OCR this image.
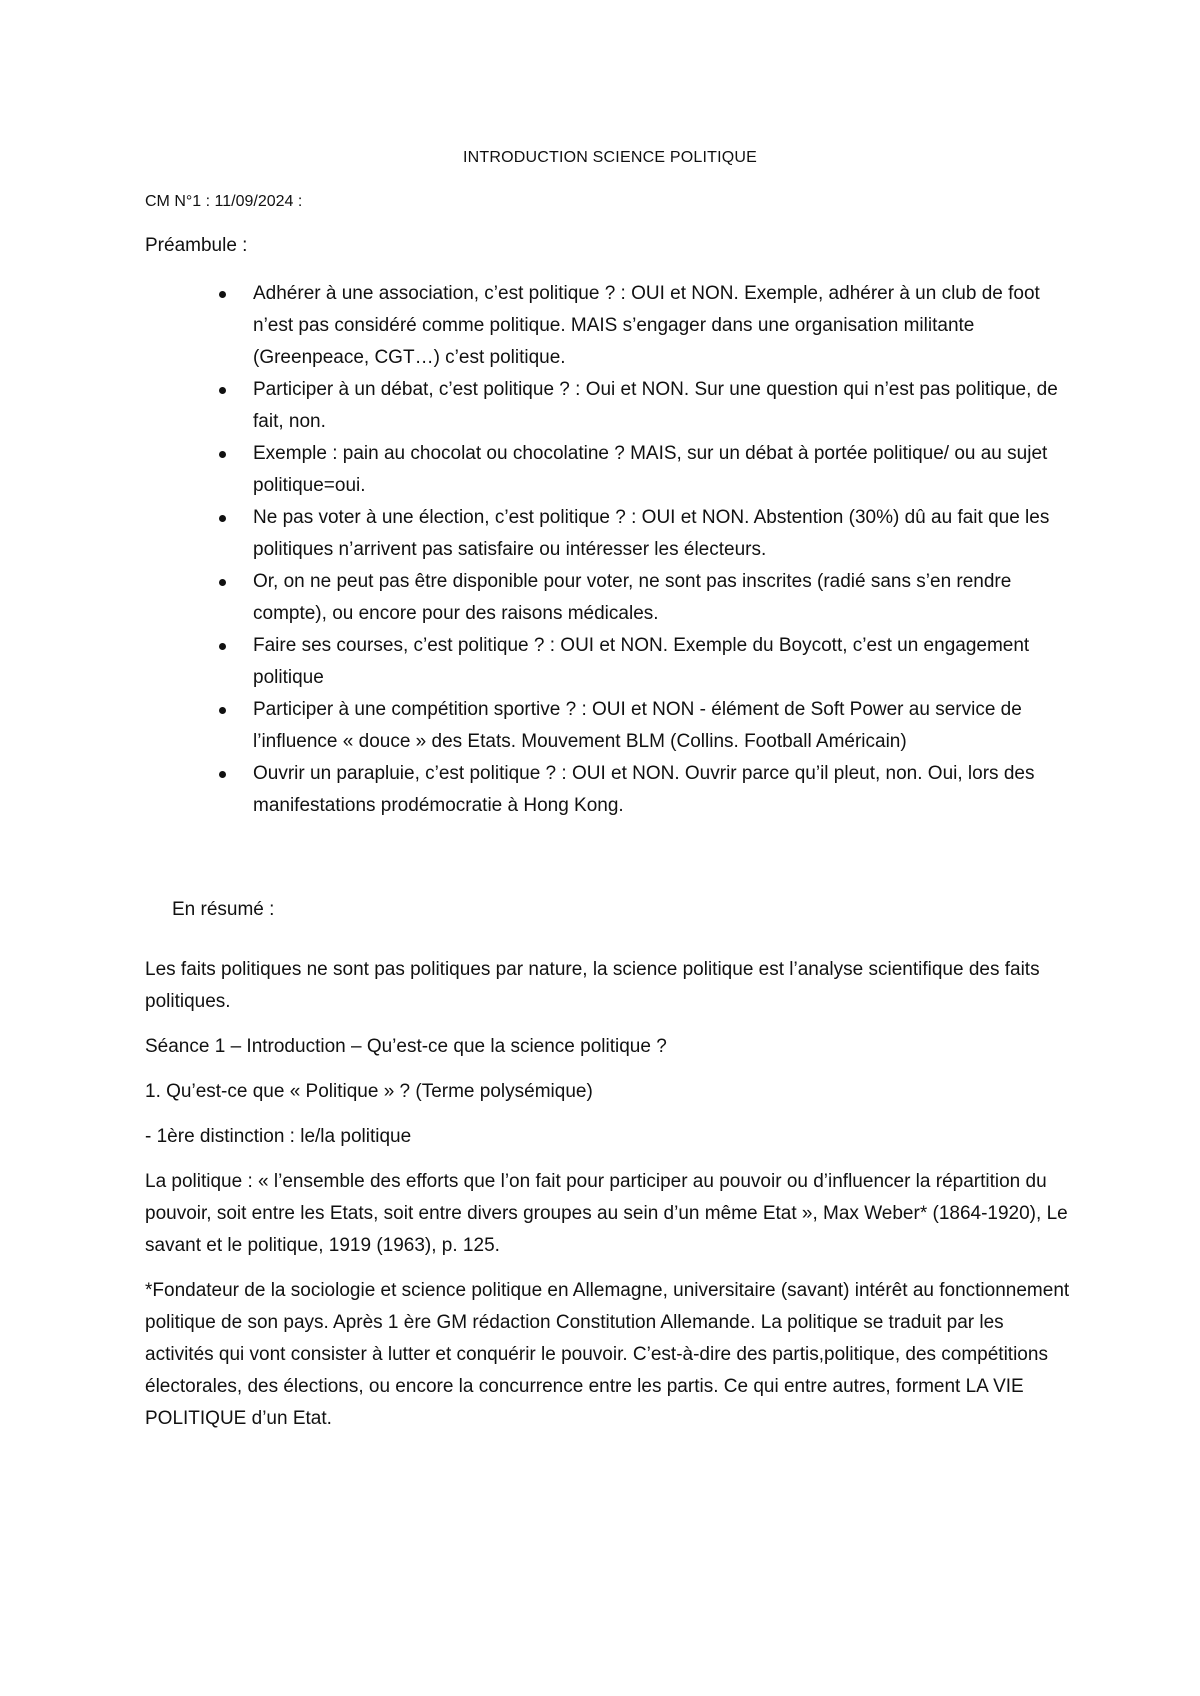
INTRODUCTION SCIENCE POLITIQUE
CM N°1 : 11/09/2024 :
Préambule :
Adhérer à une association, c’est politique ? : OUI et NON. Exemple, adhérer à un club de foot n’est pas considéré comme politique. MAIS s’engager dans une organisation militante (Greenpeace, CGT…) c’est politique.
Participer à un débat, c’est politique ? : Oui et NON. Sur une question qui n’est pas politique, de fait, non.
Exemple : pain au chocolat ou chocolatine ? MAIS, sur un débat à portée politique/ ou au sujet politique=oui.
Ne pas voter à une élection, c’est politique ? : OUI et NON. Abstention (30%) dû au fait que les politiques n’arrivent pas satisfaire ou intéresser les électeurs.
Or, on ne peut pas être disponible pour voter, ne sont pas inscrites (radié sans s’en rendre compte), ou encore pour des raisons médicales.
Faire ses courses, c’est politique ? : OUI et NON. Exemple du Boycott, c’est un engagement politique
Participer à une compétition sportive ? : OUI et NON - élément de Soft Power au service de l’influence « douce » des Etats. Mouvement BLM (Collins. Football Américain)
Ouvrir un parapluie, c’est politique ? : OUI et NON. Ouvrir parce qu’il pleut, non. Oui, lors des manifestations prodémocratie à Hong Kong.
En résumé :

Les faits politiques ne sont pas politiques par nature, la science politique est l’analyse scientifique des faits politiques.

Séance 1 – Introduction – Qu’est-ce que la science politique ?

1. Qu’est-ce que « Politique » ? (Terme polysémique)

- 1ère distinction : le/la politique

La politique : « l’ensemble des efforts que l’on fait pour participer au pouvoir ou d’influencer la répartition du pouvoir, soit entre les Etats, soit entre divers groupes au sein d’un même Etat », Max Weber* (1864-1920), Le savant et le politique, 1919 (1963), p. 125.

*Fondateur de la sociologie et science politique en Allemagne, universitaire (savant) intérêt au fonctionnement politique de son pays. Après 1 ère GM rédaction Constitution Allemande. La politique se traduit par les activités qui vont consister à lutter et conquérir le pouvoir. C’est-à-dire des partis,politique, des compétitions électorales, des élections, ou encore la concurrence entre les partis. Ce qui entre autres, forment LA VIE POLITIQUE d’un Etat.
